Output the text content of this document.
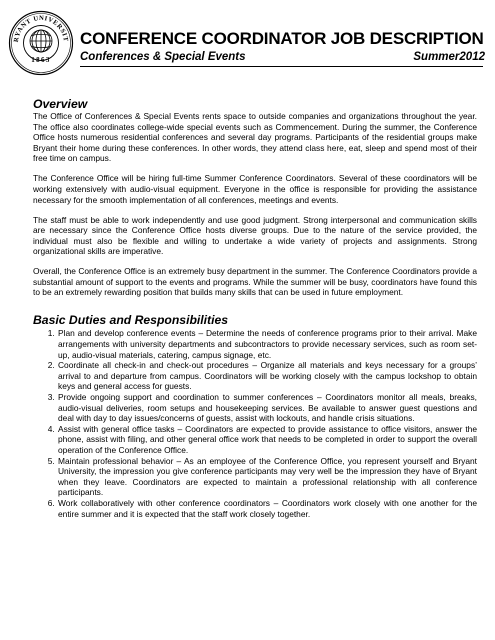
RYANT UNIVERSIT
1863
CONFERENCE COORDINATOR JOB DESCRIPTION
Conferences & Special Events	Summer2012
Overview

The Office of Conferences & Special Events rents space to outside companies and organizations throughout the year. The office also coordinates college-wide special events such as Commencement. During the summer, the Conference Office hosts numerous residential conferences and several day programs. Participants of the residential groups make Bryant their home during these conferences. In other words, they attend class here, eat, sleep and spend most of their free time on campus.

The Conference Office will be hiring full-time Summer Conference Coordinators. Several of these coordinators will be working extensively with audio-visual equipment. Everyone in the office is responsible for providing the assistance necessary for the smooth implementation of all conferences, meetings and events.

The staff must be able to work independently and use good judgment. Strong interpersonal and communication skills are necessary since the Conference Office hosts diverse groups. Due to the nature of the service provided, the individual must also be flexible and willing to undertake a wide variety of projects and assignments. Strong organizational skills are imperative.

Overall, the Conference Office is an extremely busy department in the summer. The Conference Coordinators provide a substantial amount of support to the events and programs. While the summer will be busy, coordinators have found this to be an extremely rewarding position that builds many skills that can be used in future employment.

Basic Duties and Responsibilities
1. Plan and develop conference events – Determine the needs of conference programs prior to their arrival. Make arrangements with university departments and subcontractors to provide necessary services, such as room set-up, audio-visual materials, catering, campus signage, etc.
2. Coordinate all check-in and check-out procedures – Organize all materials and keys necessary for a groups’ arrival to and departure from campus. Coordinators will be working closely with the campus lockshop to obtain keys and general access for guests.
3. Provide ongoing support and coordination to summer conferences – Coordinators monitor all meals, breaks, audio-visual deliveries, room setups and housekeeping services. Be available to answer guest questions and deal with day to day issues/concerns of guests, assist with lockouts, and handle crisis situations.
4. Assist with general office tasks – Coordinators are expected to provide assistance to office visitors, answer the phone, assist with filing, and other general office work that needs to be completed in order to support the overall operation of the Conference Office.
5. Maintain professional behavior – As an employee of the Conference Office, you represent yourself and Bryant University, the impression you give conference participants may very well be the impression they have of Bryant when they leave. Coordinators are expected to maintain a professional relationship with all conference participants.
6. Work collaboratively with other conference coordinators – Coordinators work closely with one another for the entire summer and it is expected that the staff work closely together.
